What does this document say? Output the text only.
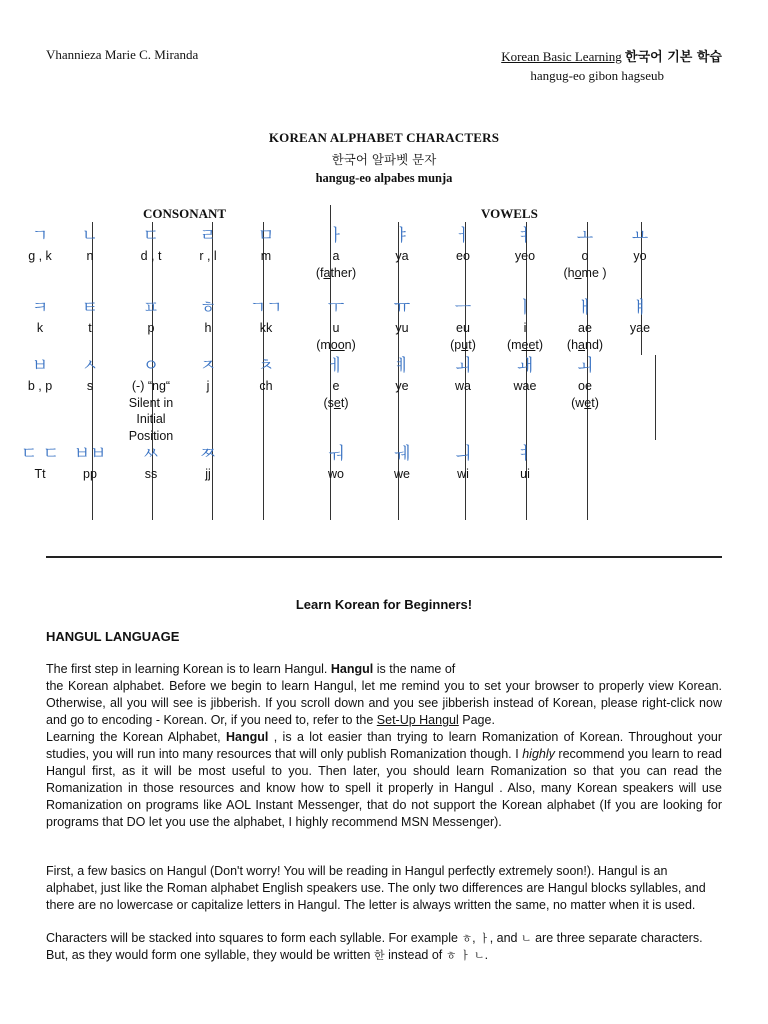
Vhannieza Marie C. Miranda	Korean Basic Learning 한국어 기본 학습
hangug-eo gibon hagseub
KOREAN ALPHABET CHARACTERS
한국어 알파벳 문자
hangug-eo alpabes munja
CONSONANT	VOWELS
ㄱ
g , k
ㄴ
n
ㄷ
d , t
ㄹ
r , l
ㅁ
m
ㅋ
k
ㅌ
t
ㅍ
p
ㅎ
h
ㄱㄱ
kk
ㅂ
b , p
ㅅ
s
ㅇ
(-) “ng“ Silent in Initial Position
ㅈ
j
ㅊ
ch
ㄷ ㄷ
Tt
ㅂㅂ
pp
ㅆ
ss
ㅉ
jj
ㅏ
a
(father)
ㅑ
ya
ㅓ
eo
ㅕ
yeo
ㅗ
o
(home )
ㅛ
yo
ㅜ
u
(moon)
ㅠ
yu
ㅡ
eu
(put)
ㅣ
i
(meet)
ㅐ
ae
(hand)
ㅒ
yae
ㅔ
e
(set)
ㅖ
ye
ㅚ
wa
ㅙ
wae
ㅚ
oe
(wet)
ㅝ
wo
ㅞ
we
ㅢ
wi
ㅕ
ui
Learn Korean for Beginners!
HANGUL LANGUAGE
The first step in learning Korean is to learn Hangul. Hangul is the name of
the Korean alphabet. Before we begin to learn Hangul, let me remind you to set your browser to properly view Korean. Otherwise, all you will see is jibberish. If you scroll down and you see jibberish instead of Korean, please right-click now and go to encoding - Korean. Or, if you need to, refer to the Set-Up Hangul Page.
Learning the Korean Alphabet, Hangul , is a lot easier than trying to learn Romanization of Korean. Throughout your studies, you will run into many resources that will only publish Romanization though. I highly recommend you learn to read Hangul first, as it will be most useful to you. Then later, you should learn Romanization so that you can read the Romanization in those resources and know how to spell it properly in Hangul . Also, many Korean speakers will use Romanization on programs like AOL Instant Messenger, that do not support the Korean alphabet (If you are looking for programs that DO let you use the alphabet, I highly recommend MSN Messenger).
First, a few basics on Hangul (Don't worry! You will be reading in Hangul perfectly extremely soon!). Hangul is an alphabet, just like the Roman alphabet English speakers use. The only two differences are Hangul blocks syllables, and there are no lowercase or capitalize letters in Hangul. The letter is always written the same, no matter when it is used.
Characters will be stacked into squares to form each syllable. For example ㅎ, ㅏ, and ㄴ are three separate characters.
But, as they would form one syllable, they would be written 한 instead of ㅎ ㅏ ㄴ.
